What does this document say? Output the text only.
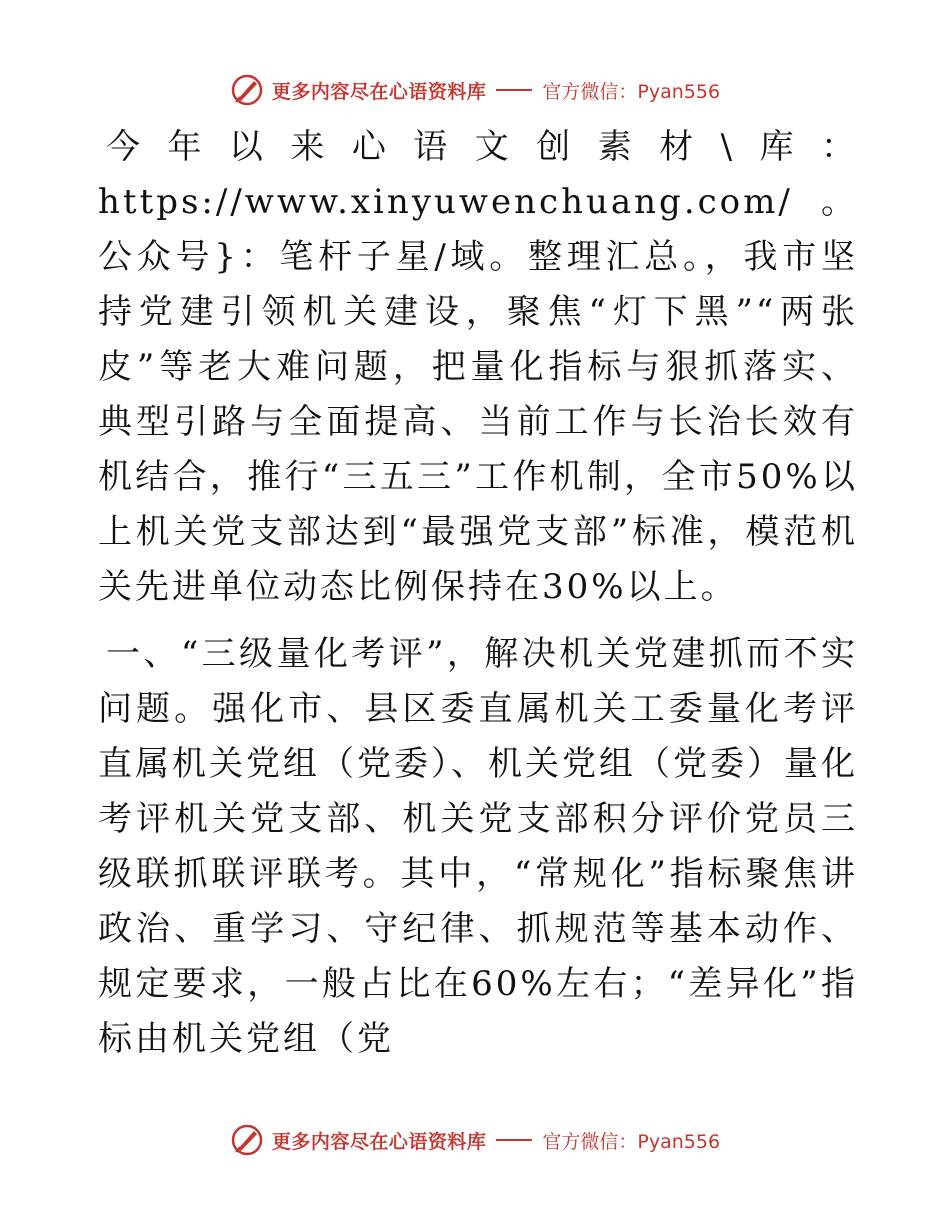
更多内容尽在心语资料库	官方微信：Pyan556

今年以来心语文创素材\库：https://www.xinyuwenchuang.com/。公众号}：笔杆子星/域。整理汇总。，我市坚持党建引领机关建设，聚焦“灯下黑”“两张皮”等老大难问题，把量化指标与狠抓落实、典型引路与全面提高、当前工作与长治长效有机结合，推行“三五三”工作机制，全市50%以上机关党支部达到“最强党支部”标准，模范机关先进单位动态比例保持在30%以上。

一、“三级量化考评”，解决机关党建抓而不实问题。强化市、县区委直属机关工委量化考评直属机关党组（党委）、机关党组（党委）量化考评机关党支部、机关党支部积分评价党员三级联抓联评联考。其中，“常规化”指标聚焦讲政治、重学习、守纪律、抓规范等基本动作、规定要求，一般占比在60%左右；“差异化”指标由机关党组（党

更多内容尽在心语资料库	官方微信：Pyan556
